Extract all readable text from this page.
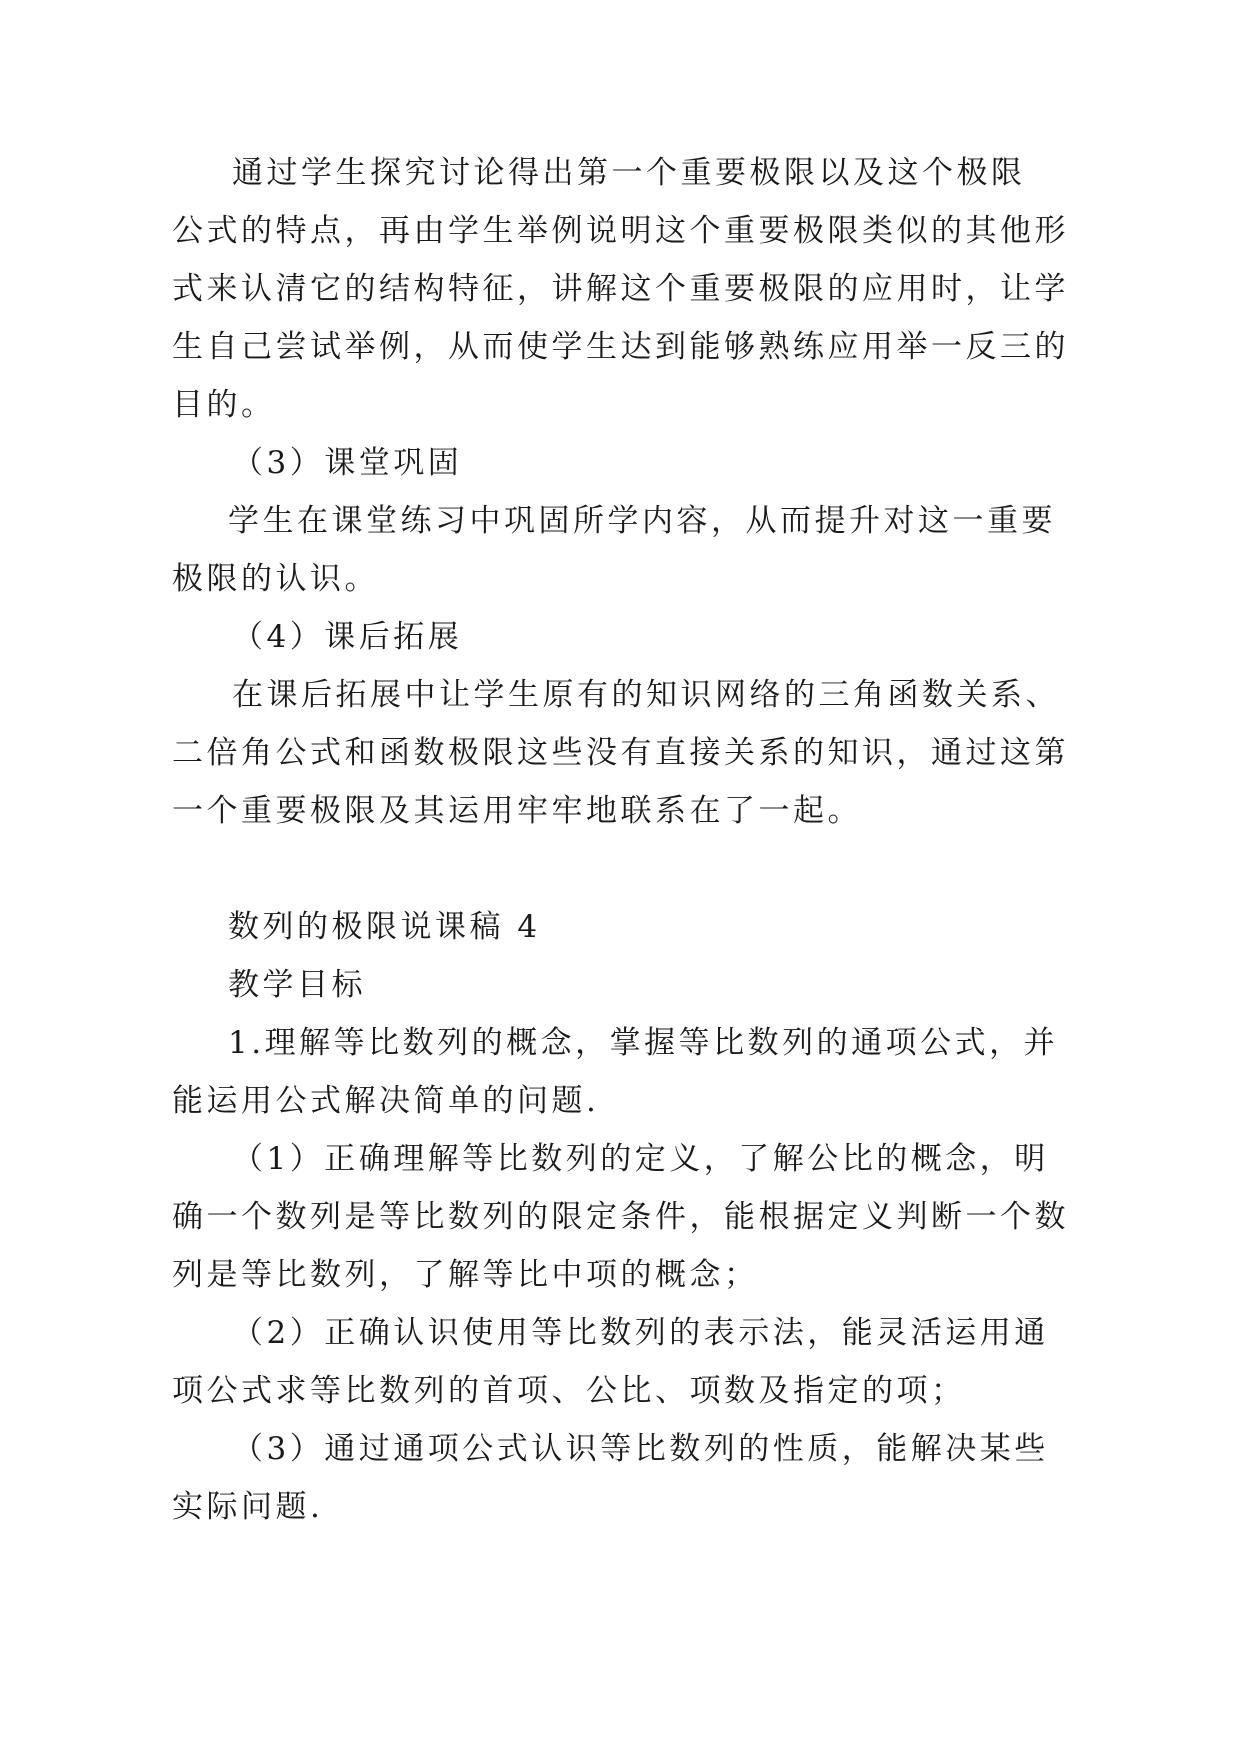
通过学生探究讨论得出第一个重要极限以及这个极限
公式的特点，再由学生举例说明这个重要极限类似的其他形
式来认清它的结构特征，讲解这个重要极限的应用时，让学
生自己尝试举例，从而使学生达到能够熟练应用举一反三的
目的。
（3）课堂巩固
学生在课堂练习中巩固所学内容，从而提升对这一重要
极限的认识。
（4）课后拓展
在课后拓展中让学生原有的知识网络的三角函数关系、
二倍角公式和函数极限这些没有直接关系的知识，通过这第
一个重要极限及其运用牢牢地联系在了一起。
数列的极限说课稿 4
教学目标
1.理解等比数列的概念，掌握等比数列的通项公式，并
能运用公式解决简单的问题.
（1）正确理解等比数列的定义，了解公比的概念，明
确一个数列是等比数列的限定条件，能根据定义判断一个数
列是等比数列，了解等比中项的概念；
（2）正确认识使用等比数列的表示法，能灵活运用通
项公式求等比数列的首项、公比、项数及指定的项；
（3）通过通项公式认识等比数列的性质，能解决某些
实际问题.
